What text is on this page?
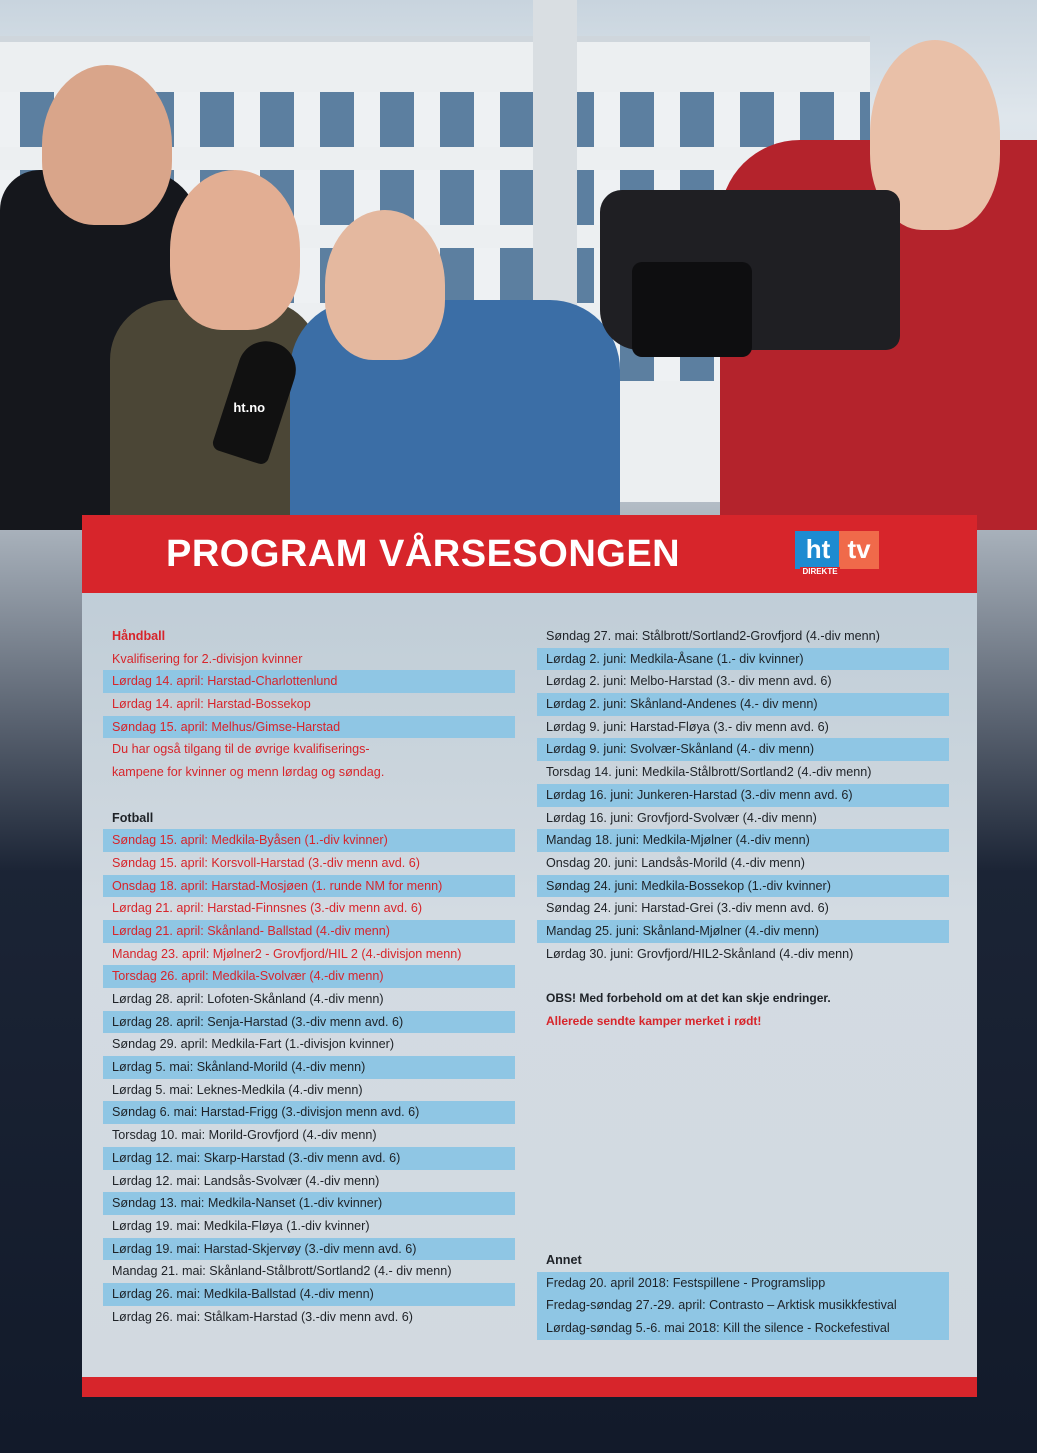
ht.no
PROGRAM VÅRSESONGEN	ht tv
DIREKTE
Håndball
Kvalifisering for 2.-divisjon kvinner
Lørdag 14. april: Harstad-Charlottenlund
Lørdag 14. april: Harstad-Bossekop
Søndag 15. april: Melhus/Gimse-Harstad
Du har også tilgang til de øvrige kvalifiserings-
kampene for kvinner og menn lørdag og søndag.
Fotball
Søndag 15. april: Medkila-Byåsen (1.-div kvinner)
Søndag 15. april: Korsvoll-Harstad (3.-div menn avd. 6)
Onsdag 18. april: Harstad-Mosjøen (1. runde NM for menn)
Lørdag 21. april: Harstad-Finnsnes (3.-div menn avd. 6)
Lørdag 21. april: Skånland- Ballstad (4.-div menn)
Mandag 23. april: Mjølner2 - Grovfjord/HIL 2 (4.-divisjon menn)
Torsdag 26. april: Medkila-Svolvær (4.-div menn)
Lørdag 28. april: Lofoten-Skånland (4.-div menn)
Lørdag 28. april: Senja-Harstad (3.-div menn avd. 6)
Søndag 29. april: Medkila-Fart (1.-divisjon kvinner)
Lørdag 5. mai: Skånland-Morild (4.-div menn)
Lørdag 5. mai: Leknes-Medkila (4.-div menn)
Søndag 6. mai: Harstad-Frigg (3.-divisjon menn avd. 6)
Torsdag 10. mai: Morild-Grovfjord (4.-div menn)
Lørdag 12. mai: Skarp-Harstad (3.-div menn avd. 6)
Lørdag 12. mai: Landsås-Svolvær (4.-div menn)
Søndag 13. mai: Medkila-Nanset (1.-div kvinner)
Lørdag 19. mai: Medkila-Fløya (1.-div kvinner)
Lørdag 19. mai: Harstad-Skjervøy (3.-div menn avd. 6)
Mandag 21. mai: Skånland-Stålbrott/Sortland2 (4.- div menn)
Lørdag 26. mai: Medkila-Ballstad (4.-div menn)
Lørdag 26. mai: Stålkam-Harstad (3.-div menn avd. 6)
Søndag 27. mai: Stålbrott/Sortland2-Grovfjord (4.-div menn)
Lørdag 2. juni: Medkila-Åsane (1.- div kvinner)
Lørdag 2. juni: Melbo-Harstad (3.- div menn avd. 6)
Lørdag 2. juni: Skånland-Andenes (4.- div menn)
Lørdag 9. juni: Harstad-Fløya (3.- div menn avd. 6)
Lørdag 9. juni: Svolvær-Skånland (4.- div menn)
Torsdag 14. juni: Medkila-Stålbrott/Sortland2 (4.-div menn)
Lørdag 16. juni: Junkeren-Harstad (3.-div menn avd. 6)
Lørdag 16. juni: Grovfjord-Svolvær (4.-div menn)
Mandag 18. juni: Medkila-Mjølner (4.-div menn)
Onsdag 20. juni: Landsås-Morild (4.-div menn)
Søndag 24. juni: Medkila-Bossekop (1.-div kvinner)
Søndag 24. juni: Harstad-Grei (3.-div menn avd. 6)
Mandag 25. juni: Skånland-Mjølner (4.-div menn)
Lørdag 30. juni: Grovfjord/HIL2-Skånland (4.-div menn)
OBS! Med forbehold om at det kan skje endringer.
Allerede sendte kamper merket i rødt!
Annet
Fredag 20. april 2018: Festspillene - Programslipp
Fredag-søndag 27.-29. april: Contrasto – Arktisk musikkfestival
Lørdag-søndag 5.-6. mai 2018: Kill the silence - Rockefestival
